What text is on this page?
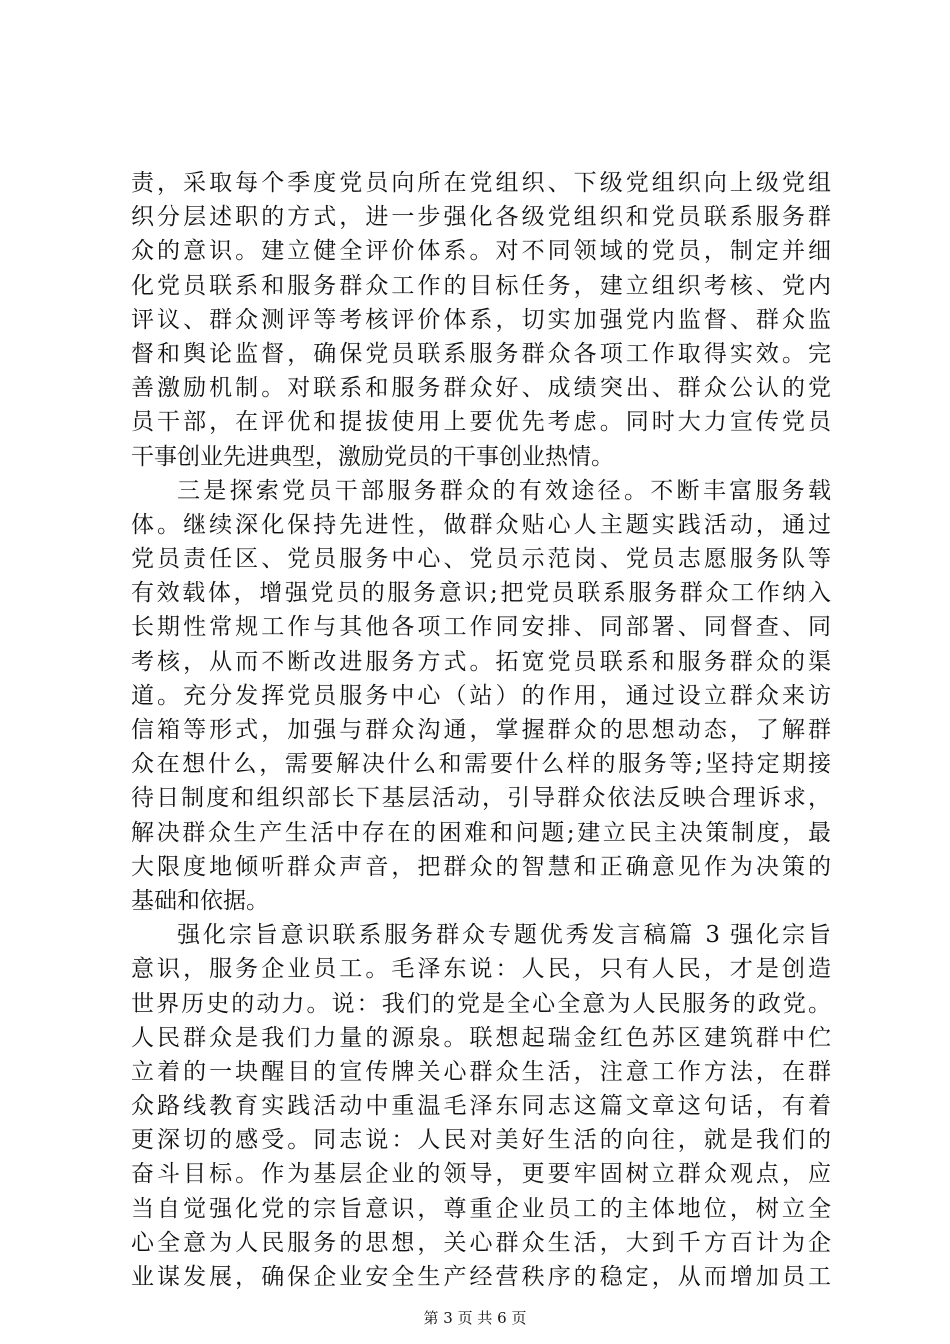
责，采取每个季度党员向所在党组织、下级党组织向上级党组
织分层述职的方式，进一步强化各级党组织和党员联系服务群
众的意识。建立健全评价体系。对不同领域的党员，制定并细
化党员联系和服务群众工作的目标任务，建立组织考核、党内
评议、群众测评等考核评价体系，切实加强党内监督、群众监
督和舆论监督，确保党员联系服务群众各项工作取得实效。完
善激励机制。对联系和服务群众好、成绩突出、群众公认的党
员干部，在评优和提拔使用上要优先考虑。同时大力宣传党员
干事创业先进典型，激励党员的干事创业热情。
三是探索党员干部服务群众的有效途径。不断丰富服务载
体。继续深化保持先进性，做群众贴心人主题实践活动，通过
党员责任区、党员服务中心、党员示范岗、党员志愿服务队等
有效载体，增强党员的服务意识;把党员联系服务群众工作纳入
长期性常规工作与其他各项工作同安排、同部署、同督查、同
考核，从而不断改进服务方式。拓宽党员联系和服务群众的渠
道。充分发挥党员服务中心（站）的作用，通过设立群众来访
信箱等形式，加强与群众沟通，掌握群众的思想动态，了解群
众在想什么，需要解决什么和需要什么样的服务等;坚持定期接
待日制度和组织部长下基层活动，引导群众依法反映合理诉求，
解决群众生产生活中存在的困难和问题;建立民主决策制度，最
大限度地倾听群众声音，把群众的智慧和正确意见作为决策的
基础和依据。
强化宗旨意识联系服务群众专题优秀发言稿篇 3 强化宗旨
意识，服务企业员工。毛泽东说：人民，只有人民，才是创造
世界历史的动力。说：我们的党是全心全意为人民服务的政党。
人民群众是我们力量的源泉。联想起瑞金红色苏区建筑群中伫
立着的一块醒目的宣传牌关心群众生活，注意工作方法，在群
众路线教育实践活动中重温毛泽东同志这篇文章这句话，有着
更深切的感受。同志说：人民对美好生活的向往，就是我们的
奋斗目标。作为基层企业的领导，更要牢固树立群众观点，应
当自觉强化党的宗旨意识，尊重企业员工的主体地位，树立全
心全意为人民服务的思想，关心群众生活，大到千方百计为企
业谋发展，确保企业安全生产经营秩序的稳定，从而增加员工
第 3 页 共 6 页
